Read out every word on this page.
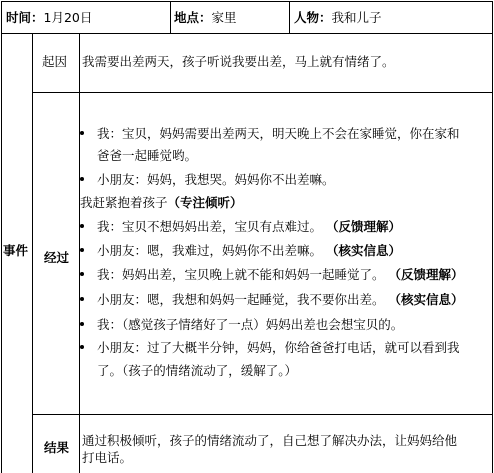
时间：1月20日	地点：家里	人物：我和儿子
事件
起因 我需要出差两天，孩子听说我要出差，马上就有情绪了。
经过
我：宝贝，妈妈需要出差两天，明天晚上不会在家睡觉，你在家和
爸爸一起睡觉哟。
小朋友：妈妈，我想哭。妈妈你不出差嘛。
我赶紧抱着孩子（专注倾听）
我：宝贝不想妈妈出差，宝贝有点难过。 （反馈理解）
小朋友：嗯，我难过，妈妈你不出差嘛。 （核实信息）
我：妈妈出差，宝贝晚上就不能和妈妈一起睡觉了。 （反馈理解）
小朋友：嗯，我想和妈妈一起睡觉，我不要你出差。 （核实信息）
我：（感觉孩子情绪好了一点）妈妈出差也会想宝贝的。
小朋友：过了大概半分钟，妈妈，你给爸爸打电话，就可以看到我
了。（孩子的情绪流动了，缓解了。）
结果 通过积极倾听，孩子的情绪流动了，自己想了解决办法，让妈妈给他
打电话。
